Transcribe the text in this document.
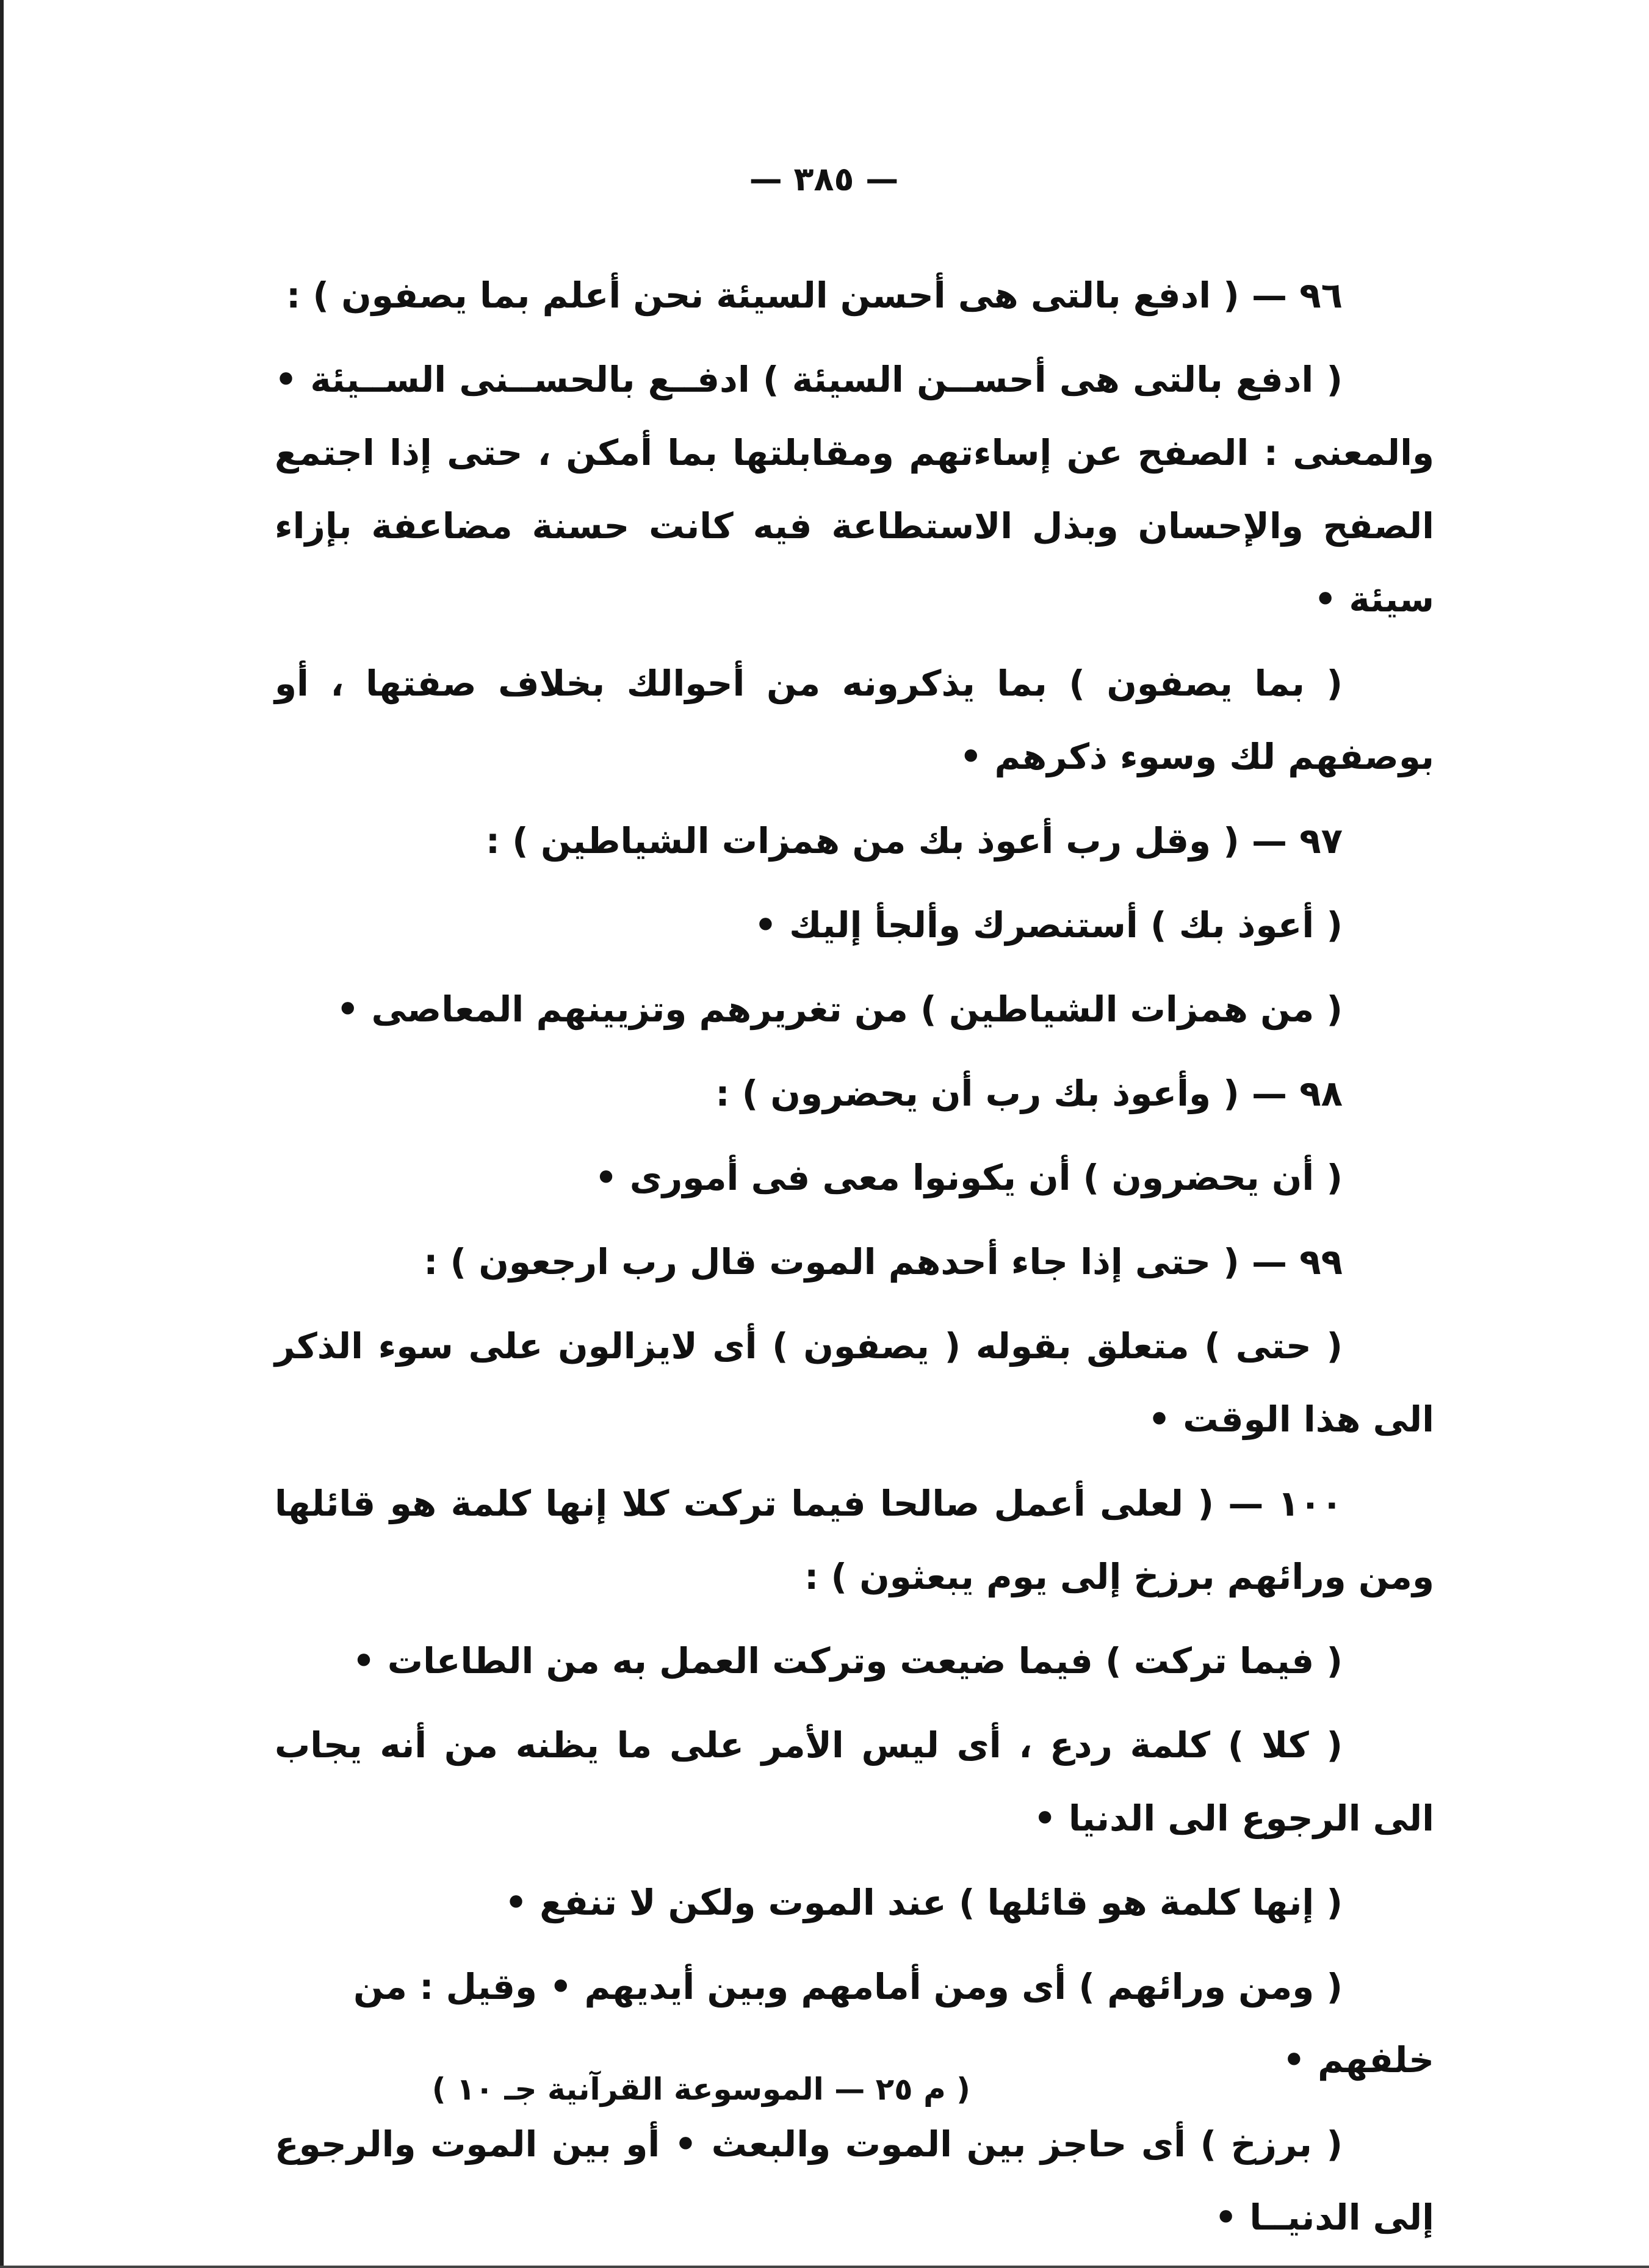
— ٣٨٥ —

٩٦ — ( ادفع بالتى هى أحسن السيئة نحن أعلم بما يصفون ) :

( ادفع بالتى هى أحســن السيئة ) ادفــع بالحســنى الســيئة • والمعنى : الصفح عن إساءتهم ومقابلتها بما أمكن ، حتى إذا اجتمع الصفح والإحسان وبذل الاستطاعة فيه كانت حسنة مضاعفة بإزاء سيئة •

( بما يصفون ) بما يذكرونه من أحوالك بخلاف صفتها ، أو بوصفهم لك وسوء ذكرهم •

٩٧ — ( وقل رب أعوذ بك من همزات الشياطين ) :

( أعوذ بك ) أستنصرك وألجأ إليك •

( من همزات الشياطين ) من تغريرهم وتزيينهم المعاصى •

٩٨ — ( وأعوذ بك رب أن يحضرون ) :

( أن يحضرون ) أن يكونوا معى فى أمورى •

٩٩ — ( حتى إذا جاء أحدهم الموت قال رب ارجعون ) :

( حتى ) متعلق بقوله ( يصفون ) أى لايزالون على سوء الذكر الى هذا الوقت •

١٠٠ — ( لعلى أعمل صالحا فيما تركت كلا إنها كلمة هو قائلها ومن ورائهم برزخ إلى يوم يبعثون ) :

( فيما تركت ) فيما ضيعت وتركت العمل به من الطاعات •

( كلا ) كلمة ردع ، أى ليس الأمر على ما يظنه من أنه يجاب الى الرجوع الى الدنيا •

( إنها كلمة هو قائلها ) عند الموت ولكن لا تنفع •

( ومن ورائهم ) أى ومن أمامهم وبين أيديهم • وقيل : من خلفهم •

( برزخ ) أى حاجز بين الموت والبعث • أو بين الموت والرجوع إلى الدنيــا •

( م ٢٥ — الموسوعة القرآنية جـ ١٠ )
